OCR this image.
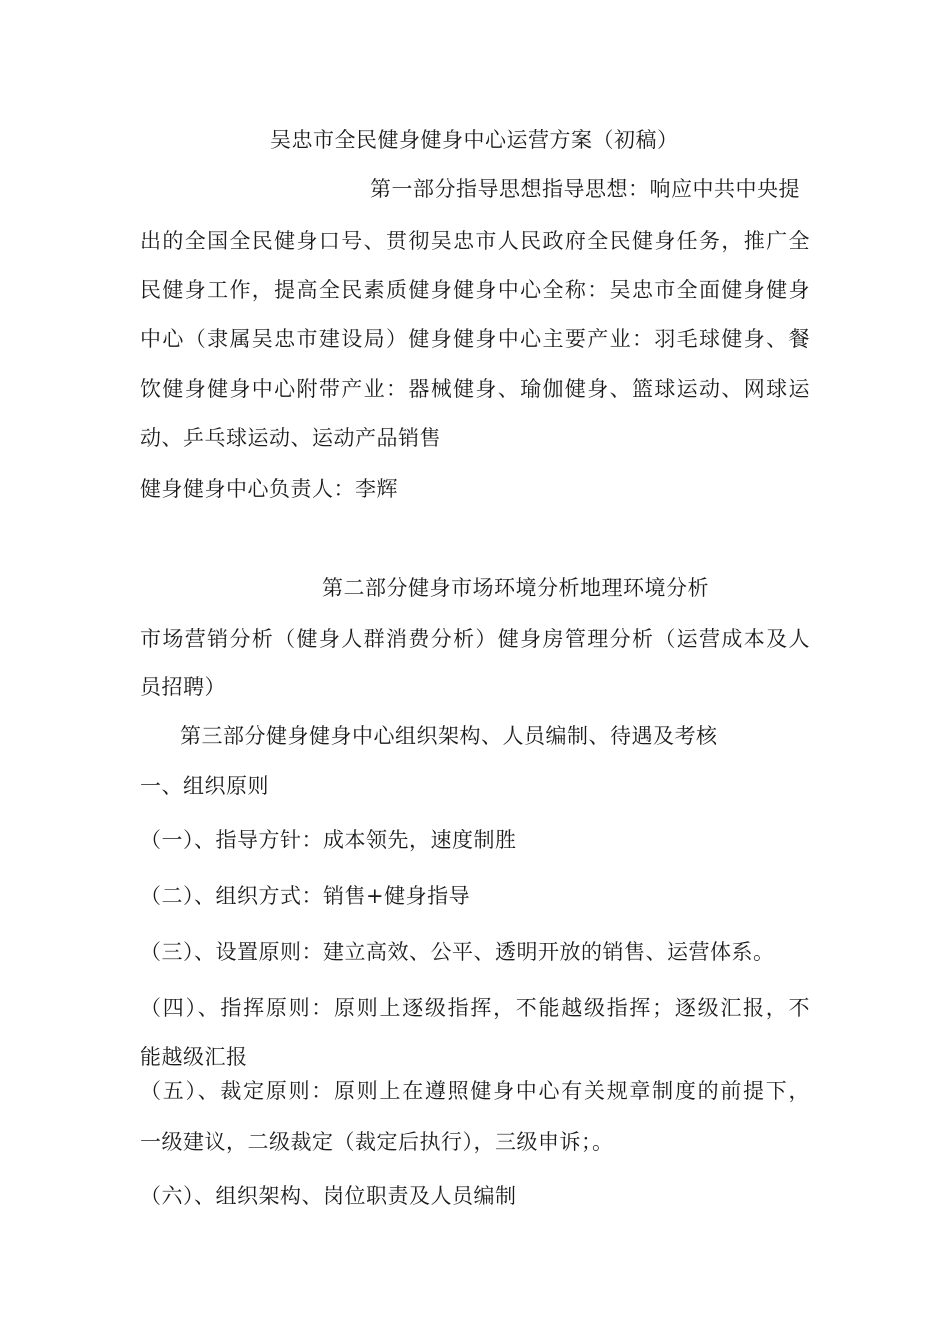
吴忠市全民健身健身中心运营方案（初稿）
第一部分指导思想指导思想：响应中共中央提
出的全国全民健身口号、贯彻吴忠市人民政府全民健身任务，推广全
民健身工作，提高全民素质健身健身中心全称：吴忠市全面健身健身
中心（隶属吴忠市建设局）健身健身中心主要产业：羽毛球健身、餐
饮健身健身中心附带产业：器械健身、瑜伽健身、篮球运动、网球运
动、乒乓球运动、运动产品销售
健身健身中心负责人：李辉
第二部分健身市场环境分析地理环境分析
市场营销分析（健身人群消费分析）健身房管理分析（运营成本及人
员招聘）
第三部分健身健身中心组织架构、人员编制、待遇及考核
一、组织原则
（一）、指导方针：成本领先，速度制胜
（二）、组织方式：销售+健身指导
（三）、设置原则：建立高效、公平、透明开放的销售、运营体系。
（四）、指挥原则：原则上逐级指挥，不能越级指挥；逐级汇报，不
能越级汇报
（五）、裁定原则：原则上在遵照健身中心有关规章制度的前提下，
一级建议，二级裁定（裁定后执行），三级申诉；。
（六）、组织架构、岗位职责及人员编制
